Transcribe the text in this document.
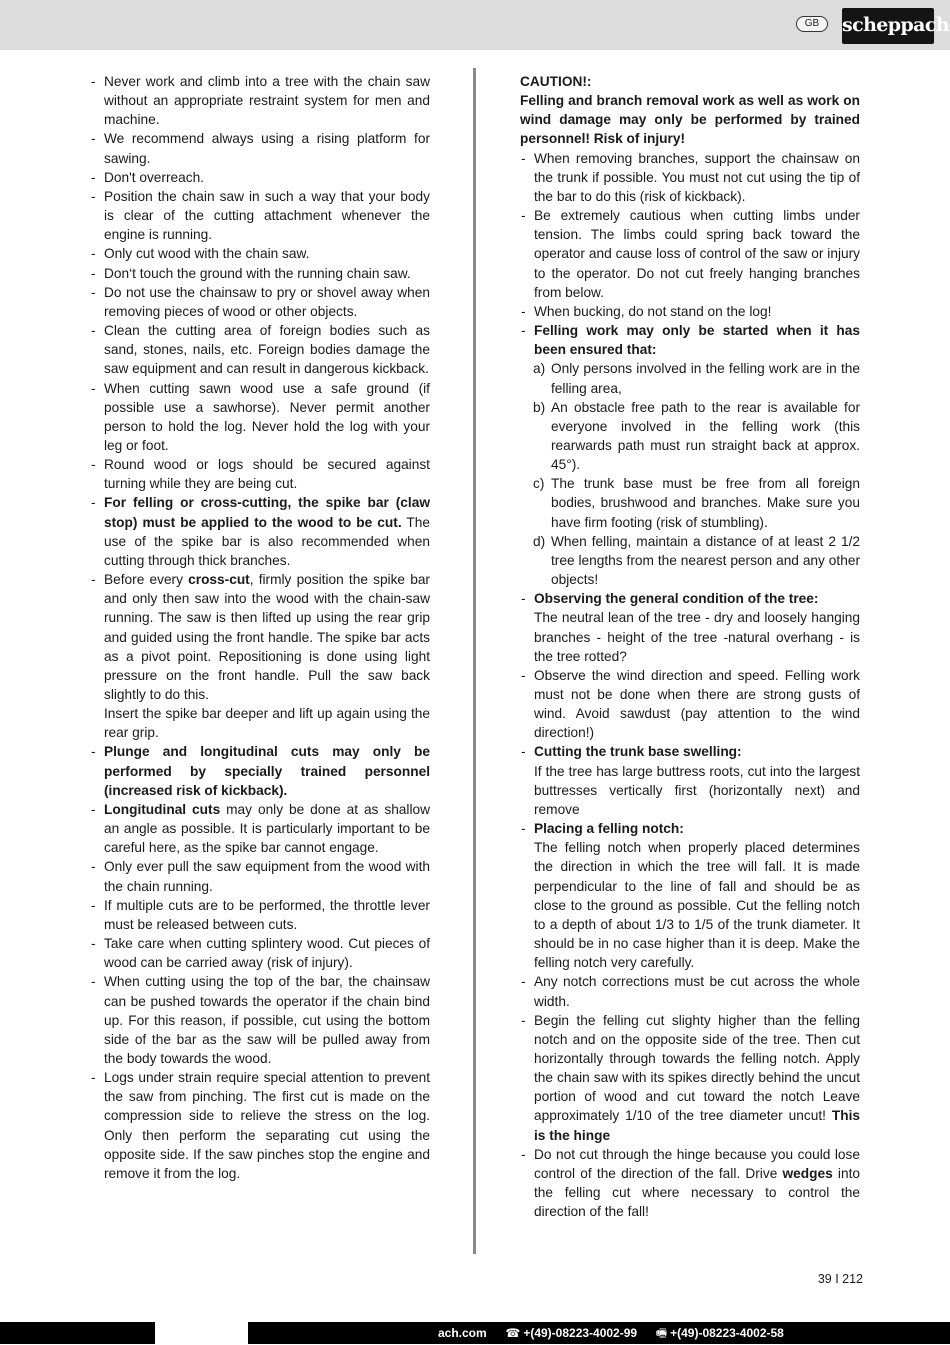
GB	scheppach
- Never work and climb into a tree with the chain saw without an appropriate restraint system for men and machine.
- We recommend always using a rising platform for sawing.
- Don't overreach.
- Position the chain saw in such a way that your body is clear of the cutting attachment whenever the engine is running.
- Only cut wood with the chain saw.
- Don‘t touch the ground with the running chain saw.
- Do not use the chainsaw to pry or shovel away when removing pieces of wood or other objects.
- Clean the cutting area of foreign bodies such as sand, stones, nails, etc. Foreign bodies damage the saw equipment and can result in dangerous kickback.
- When cutting sawn wood use a safe ground (if possible use a sawhorse). Never permit another person to hold the log. Never hold the log with your leg or foot.
- Round wood or logs should be secured against turning while they are being cut.
- For felling or cross-cutting, the spike bar (claw stop) must be applied to the wood to be cut. The use of the spike bar is also recommended when cutting through thick branches.
- Before every cross-cut, firmly position the spike bar and only then saw into the wood with the chain-saw running. The saw is then lifted up using the rear grip and guided using the front handle. The spike bar acts as a pivot point. Repositioning is done using light pressure on the front handle. Pull the saw back slightly to do this.
Insert the spike bar deeper and lift up again using the rear grip.
- Plunge and longitudinal cuts may only be performed by specially trained personnel (increased risk of kickback).
- Longitudinal cuts may only be done at as shallow an angle as possible. It is particularly important to be careful here, as the spike bar cannot engage.
- Only ever pull the saw equipment from the wood with the chain running.
- If multiple cuts are to be performed, the throttle lever must be released between cuts.
- Take care when cutting splintery wood. Cut pieces of wood can be carried away (risk of injury).
- When cutting using the top of the bar, the chainsaw can be pushed towards the operator if the chain bind up. For this reason, if possible, cut using the bottom side of the bar as the saw will be pulled away from the body towards the wood.
- Logs under strain require special attention to prevent the saw from pinching. The first cut is made on the compression side to relieve the stress on the log. Only then perform the separating cut using the opposite side. If the saw pinches stop the engine and remove it from the log.
CAUTION!:
Felling and branch removal work as well as work on wind damage may only be performed by trained personnel! Risk of injury!
- When removing branches, support the chainsaw on the trunk if possible. You must not cut using the tip of the bar to do this (risk of kickback).
- Be extremely cautious when cutting limbs under tension. The limbs could spring back toward the operator and cause loss of control of the saw or injury to the operator. Do not cut freely hanging branches from below.
- When bucking, do not stand on the log!
- Felling work may only be started when it has been ensured that:
a) Only persons involved in the felling work are in the felling area,
b) An obstacle free path to the rear is available for everyone involved in the felling work (this rearwards path must run straight back at approx. 45°).
c) The trunk base must be free from all foreign bodies, brushwood and branches. Make sure you have firm footing (risk of stumbling).
d) When felling, maintain a distance of at least 2 1/2 tree lengths from the nearest person and any other objects!
- Observing the general condition of the tree:
The neutral lean of the tree - dry and loosely hanging branches - height of the tree -natural overhang - is the tree rotted?
- Observe the wind direction and speed. Felling work must not be done when there are strong gusts of wind. Avoid sawdust (pay attention to the wind direction!)
- Cutting the trunk base swelling:
If the tree has large buttress roots, cut into the largest buttresses vertically first (horizontally next) and remove
- Placing a felling notch:
The felling notch when properly placed determines the direction in which the tree will fall. It is made perpendicular to the line of fall and should be as close to the ground as possible. Cut the felling notch to a depth of about 1/3 to 1/5 of the trunk diameter. It should be in no case higher than it is deep. Make the felling notch very carefully.
- Any notch corrections must be cut across the whole width.
- Begin the felling cut slighty higher than the felling notch and on the opposite side of the tree. Then cut horizontally through towards the felling notch. Apply the chain saw with its spikes directly behind the uncut portion of wood and cut toward the notch Leave approximately 1/10 of the tree diameter uncut! This is the hinge
- Do not cut through the hinge because you could lose control of the direction of the fall. Drive wedges into the felling cut where necessary to control the direction of the fall!
39 I 212
ach.com ☎ +(49)-08223-4002-99 🖷 +(49)-08223-4002-58
